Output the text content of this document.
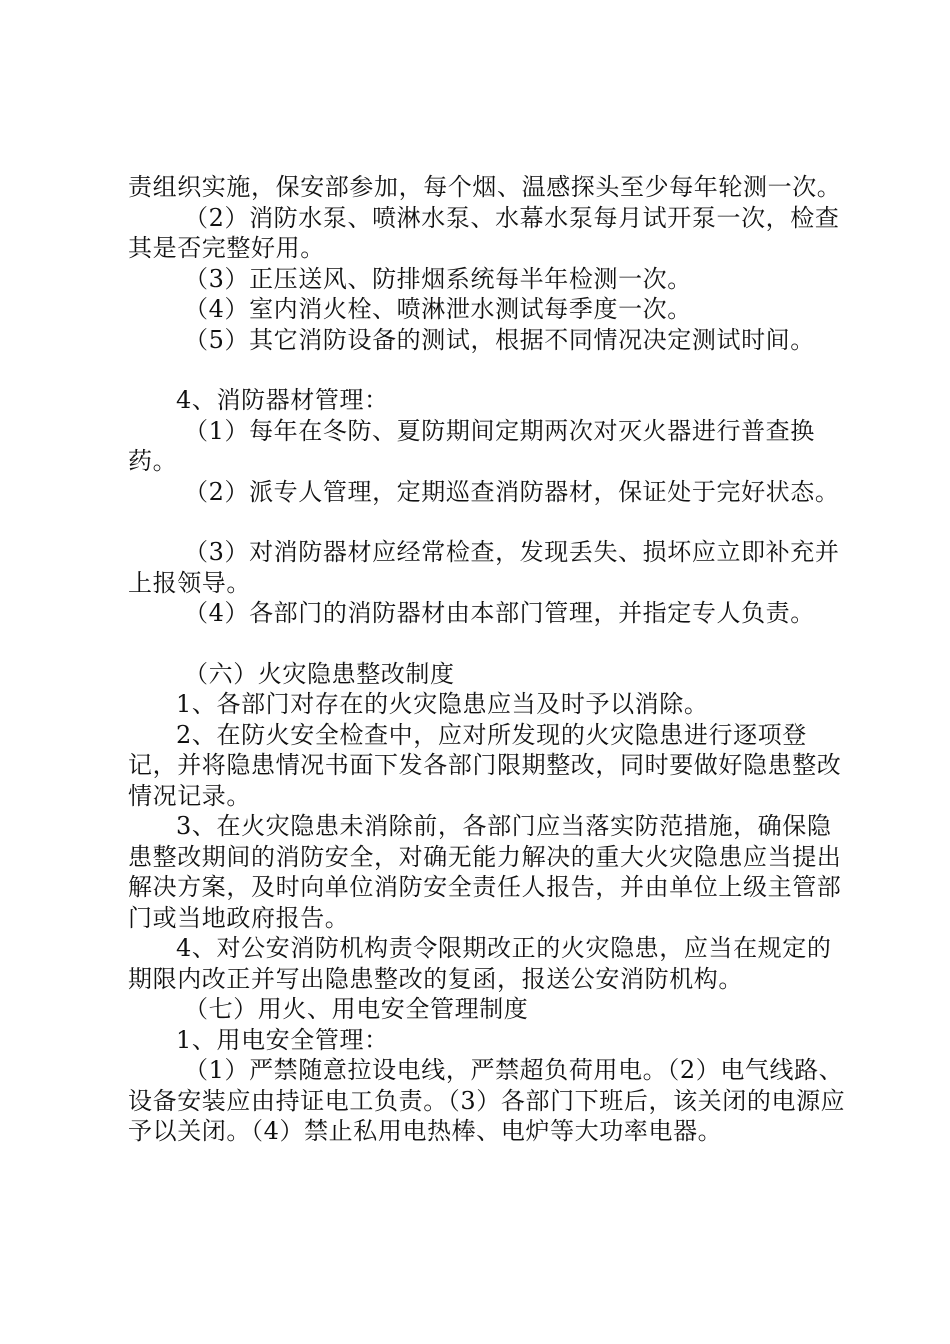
责组织实施，保安部参加，每个烟、温感探头至少每年轮测一次。

（2）消防水泵、喷淋水泵、水幕水泵每月试开泵一次，检查其是否完整好用。

（3）正压送风、防排烟系统每半年检测一次。

（4）室内消火栓、喷淋泄水测试每季度一次。

（5）其它消防设备的测试，根据不同情况决定测试时间。

4、消防器材管理：

（1）每年在冬防、夏防期间定期两次对灭火器进行普查换药。

（2）派专人管理，定期巡查消防器材，保证处于完好状态。

（3）对消防器材应经常检查，发现丢失、损坏应立即补充并上报领导。

（4）各部门的消防器材由本部门管理，并指定专人负责。

（六）火灾隐患整改制度

1、各部门对存在的火灾隐患应当及时予以消除。

2、在防火安全检查中，应对所发现的火灾隐患进行逐项登记，并将隐患情况书面下发各部门限期整改，同时要做好隐患整改情况记录。

3、在火灾隐患未消除前，各部门应当落实防范措施，确保隐患整改期间的消防安全，对确无能力解决的重大火灾隐患应当提出解决方案，及时向单位消防安全责任人报告，并由单位上级主管部门或当地政府报告。

4、对公安消防机构责令限期改正的火灾隐患，应当在规定的期限内改正并写出隐患整改的复函，报送公安消防机构。

（七）用火、用电安全管理制度

1、用电安全管理：

（1）严禁随意拉设电线，严禁超负荷用电。（2）电气线路、设备安装应由持证电工负责。（3）各部门下班后，该关闭的电源应予以关闭。（4）禁止私用电热棒、电炉等大功率电器。
